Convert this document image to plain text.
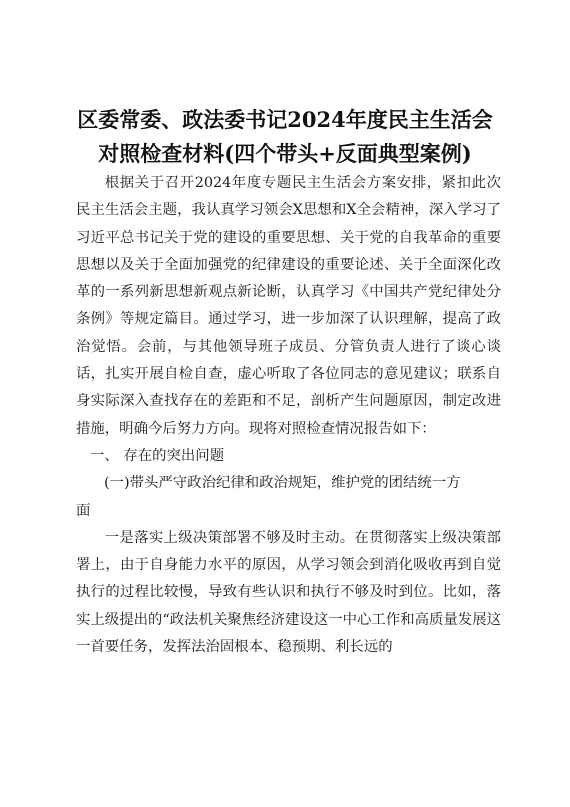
区委常委、政法委书记2024年度民主生活会
对照检查材料(四个带头+反面典型案例)

根据关于召开2024年度专题民主生活会方案安排，紧扣此次民主生活会主题，我认真学习领会X思想和X全会精神，深入学习了习近平总书记关于党的建设的重要思想、关于党的自我革命的重要思想以及关于全面加强党的纪律建设的重要论述、关于全面深化改革的一系列新思想新观点新论断，认真学习《中国共产党纪律处分条例》等规定篇目。通过学习，进一步加深了认识理解，提高了政治觉悟。会前，与其他领导班子成员、分管负责人进行了谈心谈话，扎实开展自检自查，虚心听取了各位同志的意见建议；联系自身实际深入查找存在的差距和不足，剖析产生问题原因，制定改进措施，明确今后努力方向。现将对照检查情况报告如下：

一、 存在的突出问题

(一)带头严守政治纪律和政治规矩，维护党的团结统一方
面

一是落实上级决策部署不够及时主动。在贯彻落实上级决策部署上，由于自身能力水平的原因，从学习领会到消化吸收再到自觉执行的过程比较慢，导致有些认识和执行不够及时到位。比如，落实上级提出的“政法机关聚焦经济建设这一中心工作和高质量发展这一首要任务，发挥法治固根本、稳预期、利长远的
